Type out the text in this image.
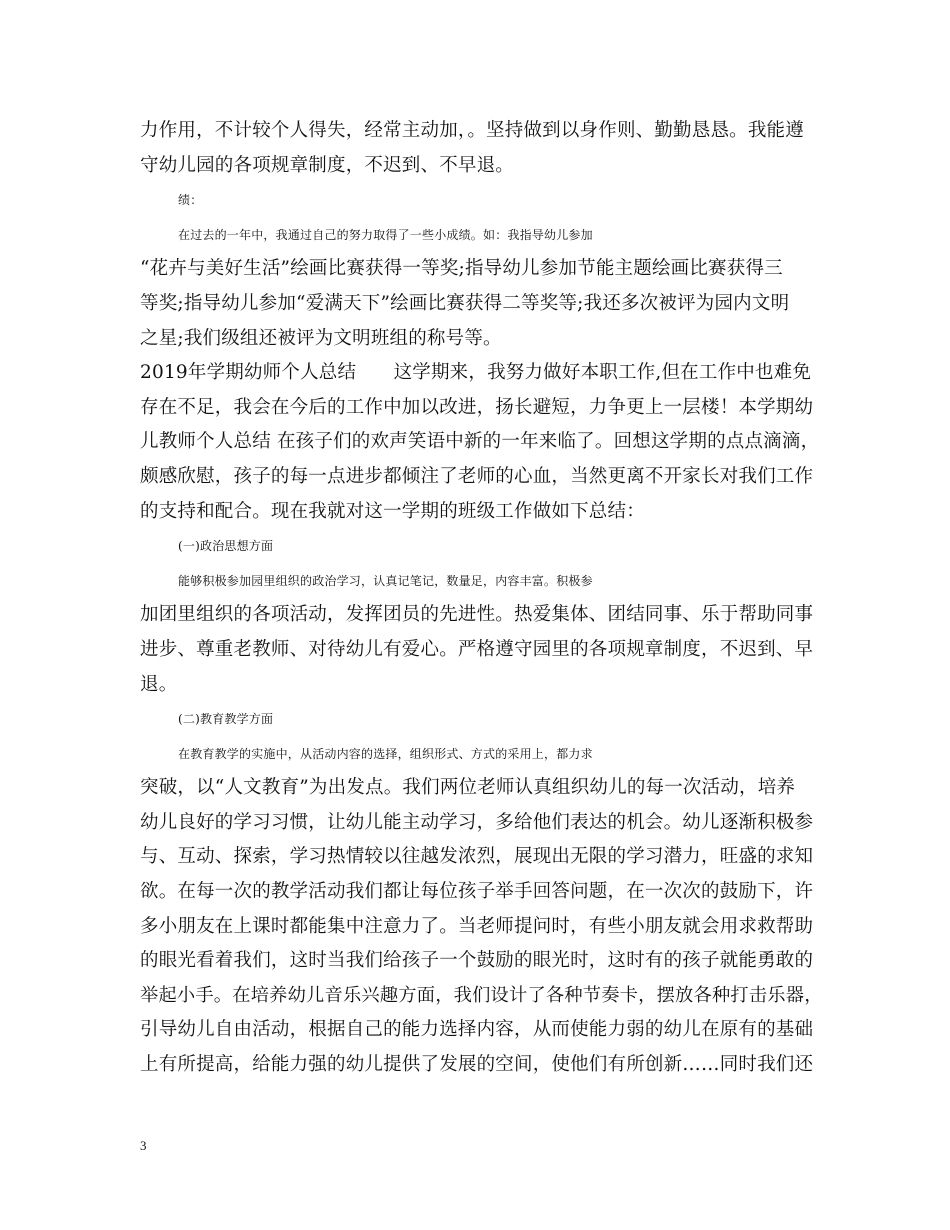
力作用，不计较个人得失，经常主动加，。坚持做到以身作则、勤勤恳恳。我能遵
守幼儿园的各项规章制度，不迟到、不早退。
绩：
在过去的一年中，我通过自己的努力取得了一些小成绩。如：我指导幼儿参加
“花卉与美好生活”绘画比赛获得一等奖;指导幼儿参加节能主题绘画比赛获得三
等奖;指导幼儿参加“爱满天下”绘画比赛获得二等奖等;我还多次被评为园内文明
之星;我们级组还被评为文明班组的称号等。
2019年学期幼师个人总结　　这学期来，我努力做好本职工作,但在工作中也难免
存在不足，我会在今后的工作中加以改进，扬长避短，力争更上一层楼！本学期幼
儿教师个人总结 在孩子们的欢声笑语中新的一年来临了。回想这学期的点点滴滴，
颇感欣慰，孩子的每一点进步都倾注了老师的心血，当然更离不开家长对我们工作
的支持和配合。现在我就对这一学期的班级工作做如下总结：
(一)政治思想方面
能够积极参加园里组织的政治学习，认真记笔记，数量足，内容丰富。积极参
加团里组织的各项活动，发挥团员的先进性。热爱集体、团结同事、乐于帮助同事
进步、尊重老教师、对待幼儿有爱心。严格遵守园里的各项规章制度，不迟到、早
退。
(二)教育教学方面
在教育教学的实施中，从活动内容的选择，组织形式、方式的采用上，都力求
突破，以“人文教育”为出发点。我们两位老师认真组织幼儿的每一次活动，培养
幼儿良好的学习习惯，让幼儿能主动学习，多给他们表达的机会。幼儿逐渐积极参
与、互动、探索，学习热情较以往越发浓烈，展现出无限的学习潜力，旺盛的求知
欲。在每一次的教学活动我们都让每位孩子举手回答问题，在一次次的鼓励下，许
多小朋友在上课时都能集中注意力了。当老师提问时，有些小朋友就会用求救帮助
的眼光看着我们，这时当我们给孩子一个鼓励的眼光时，这时有的孩子就能勇敢的
举起小手。在培养幼儿音乐兴趣方面，我们设计了各种节奏卡，摆放各种打击乐器，
引导幼儿自由活动，根据自己的能力选择内容，从而使能力弱的幼儿在原有的基础
上有所提高，给能力强的幼儿提供了发展的空间，使他们有所创新……同时我们还
3
